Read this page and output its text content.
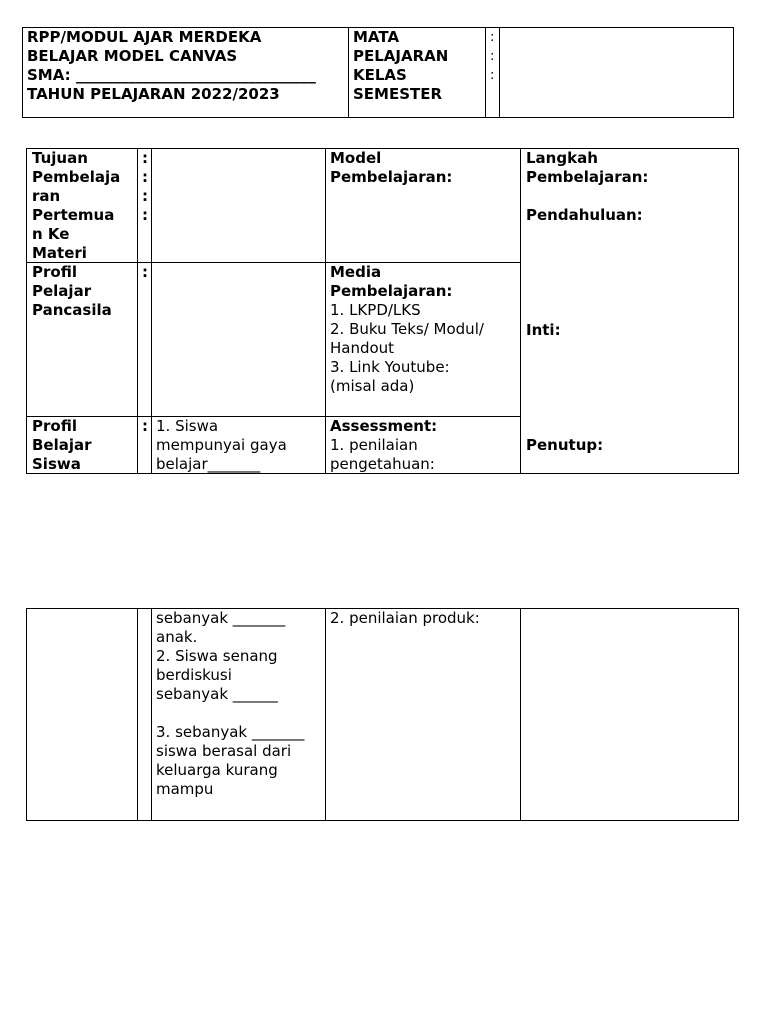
RPP/MODUL AJAR MERDEKA
BELAJAR MODEL CANVAS
SMA: ________________________________
TAHUN PELAJARAN 2022/2023
MATA
PELAJARAN
KELAS
SEMESTER
:
:
:
Tujuan
Pembelaja
ran
Pertemua
n Ke
Materi
:
:
:
:
Model
Pembelajaran:
Profil
Pelajar
Pancasila
:	Media
Pembelajaran:
1. LKPD/LKS
2. Buku Teks/ Modul/
Handout
3. Link Youtube:
(misal ada)
Profil
Belajar
Siswa
: 1. Siswa
mempunyai gaya
belajar_______
Assessment:
1. penilaian
pengetahuan:
Langkah
Pembelajaran:
Pendahuluan:
Inti:
Penutup:
sebanyak _______
anak.
2. Siswa senang
berdiskusi
sebanyak ______

3. sebanyak _______
siswa berasal dari
keluarga kurang
mampu
2. penilaian produk:
